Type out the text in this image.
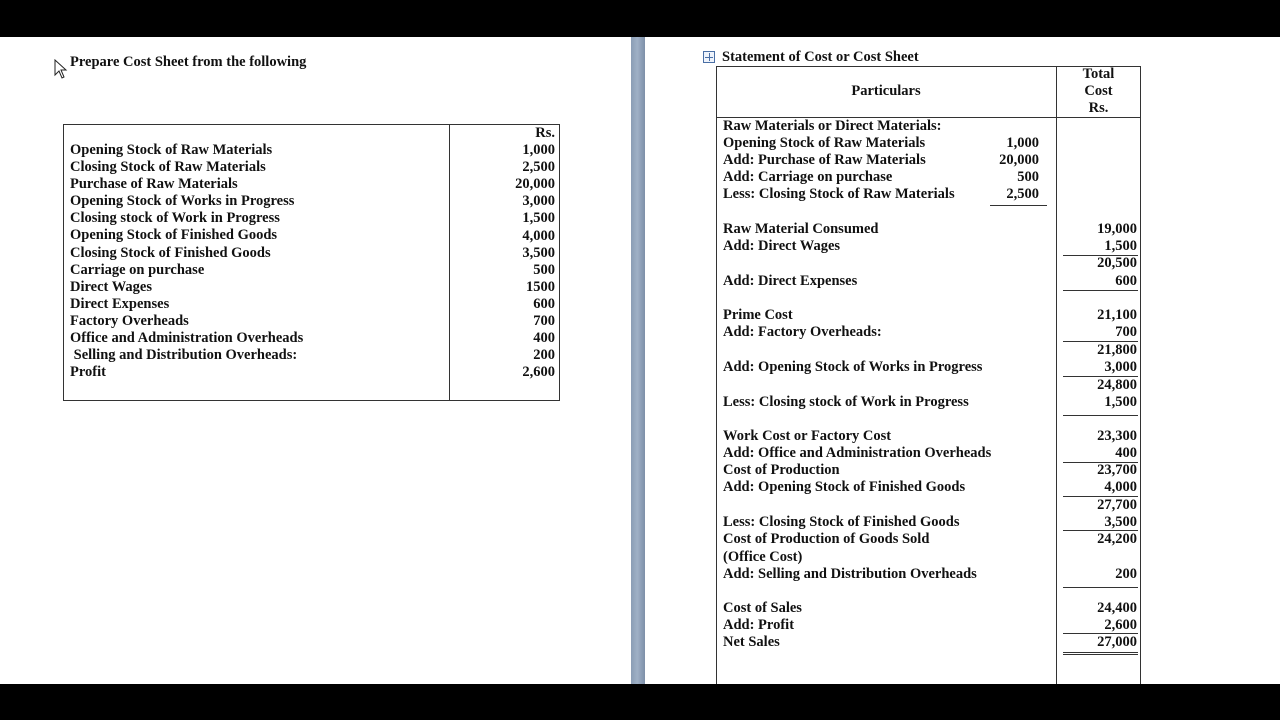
Prepare Cost Sheet from the following
Opening Stock of Raw Materials
Closing Stock of Raw Materials
Purchase of Raw Materials
Opening Stock of Works in Progress
Closing stock of Work in Progress
Opening Stock of Finished Goods
Closing Stock of Finished Goods
Carriage on purchase
Direct Wages
Direct Expenses
Factory Overheads
Office and Administration Overheads
Selling and Distribution Overheads:
Profit
Rs.
1,000
2,500
20,000
3,000
1,500
4,000
3,500
500
1500
600
700
400
200
2,600
Statement of Cost or Cost Sheet
Particulars
Total
Cost
Rs.
Raw Materials or Direct Materials:
Opening Stock of Raw Materials
Add: Purchase of Raw Materials
Add: Carriage on purchase
Less: Closing Stock of Raw Materials
Raw Material Consumed
Add: Direct Wages
Add: Direct Expenses
Prime Cost
Add: Factory Overheads:
Add: Opening Stock of Works in Progress
Less: Closing stock of Work in Progress
Work Cost or Factory Cost
Add: Office and Administration Overheads
Cost of Production
Add: Opening Stock of Finished Goods
Less: Closing Stock of Finished Goods
Cost of Production of Goods Sold
(Office Cost)
Add: Selling and Distribution Overheads
Cost of Sales
Add: Profit
Net Sales
1,000
20,000
500
2,500
19,000
1,500
20,500
600
21,100
700
21,800
3,000
24,800
1,500
23,300
400
23,700
4,000
27,700
3,500
24,200
200
24,400
2,600
27,000
